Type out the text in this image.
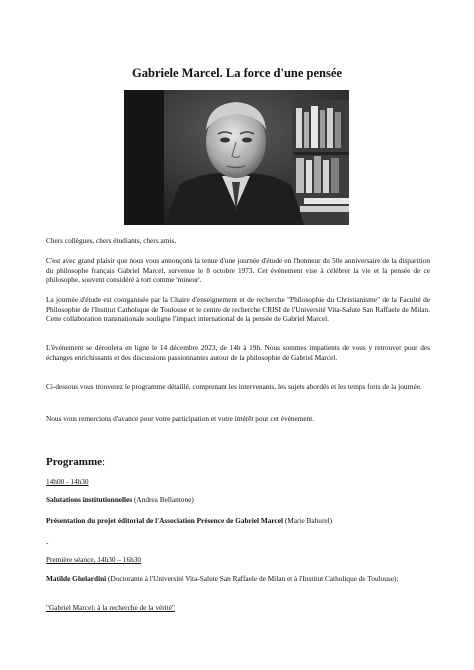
Gabriele Marcel. La force d'une pensée

Chers collègues, chers étudiants, chers amis,

C'est avec grand plaisir que nous vous annonçons la tenue d'une journée d'étude en l'honneur du 50e anniversaire de la disparition du philosophe français Gabriel Marcel, survenue le 8 octobre 1973. Cet événement vise à célébrer la vie et la pensée de ce philosophe, souvent considéré à tort comme 'mineur'.

La journée d'étude est coorganisée par la Chaire d'enseignement et de recherche "Philosophie du Christianisme" de la Faculté de Philosophie de l'Institut Catholique de Toulouse et le centre de recherche CRISI de l'Université Vita-Salute San Raffaele de Milan. Cette collaboration transnationale souligne l'impact international de la pensée de Gabriel Marcel.

L'événement se déroulera en ligne le 14 décembre 2023, de 14h à 19h. Nous sommes impatients de vous y retrouver pour des échanges enrichissants et des discussions passionnantes autour de la philosophie de Gabriel Marcel.

Ci-dessous vous trouverez le programme détaillé, comprenant les intervenants, les sujets abordés et les temps forts de la journée.

Nous vous remercions d'avance pour votre participation et votre intérêt pour cet événement.

Programme:

14h00 - 14h30

Salutations institutionnelles (Andrea Bellantone)

Présentation du projet éditorial de l'Association Présence de Gabriel Marcel (Marie Bahurel)

-

Première séance, 14h30 – 16h30

Matilde Ghelardini (Doctorante à l'Université Vita-Salute San Raffaele de Milan et à l'Institut Catholique de Toulouse):

"Gabriel Marcel: à la recherche de la vérité"
